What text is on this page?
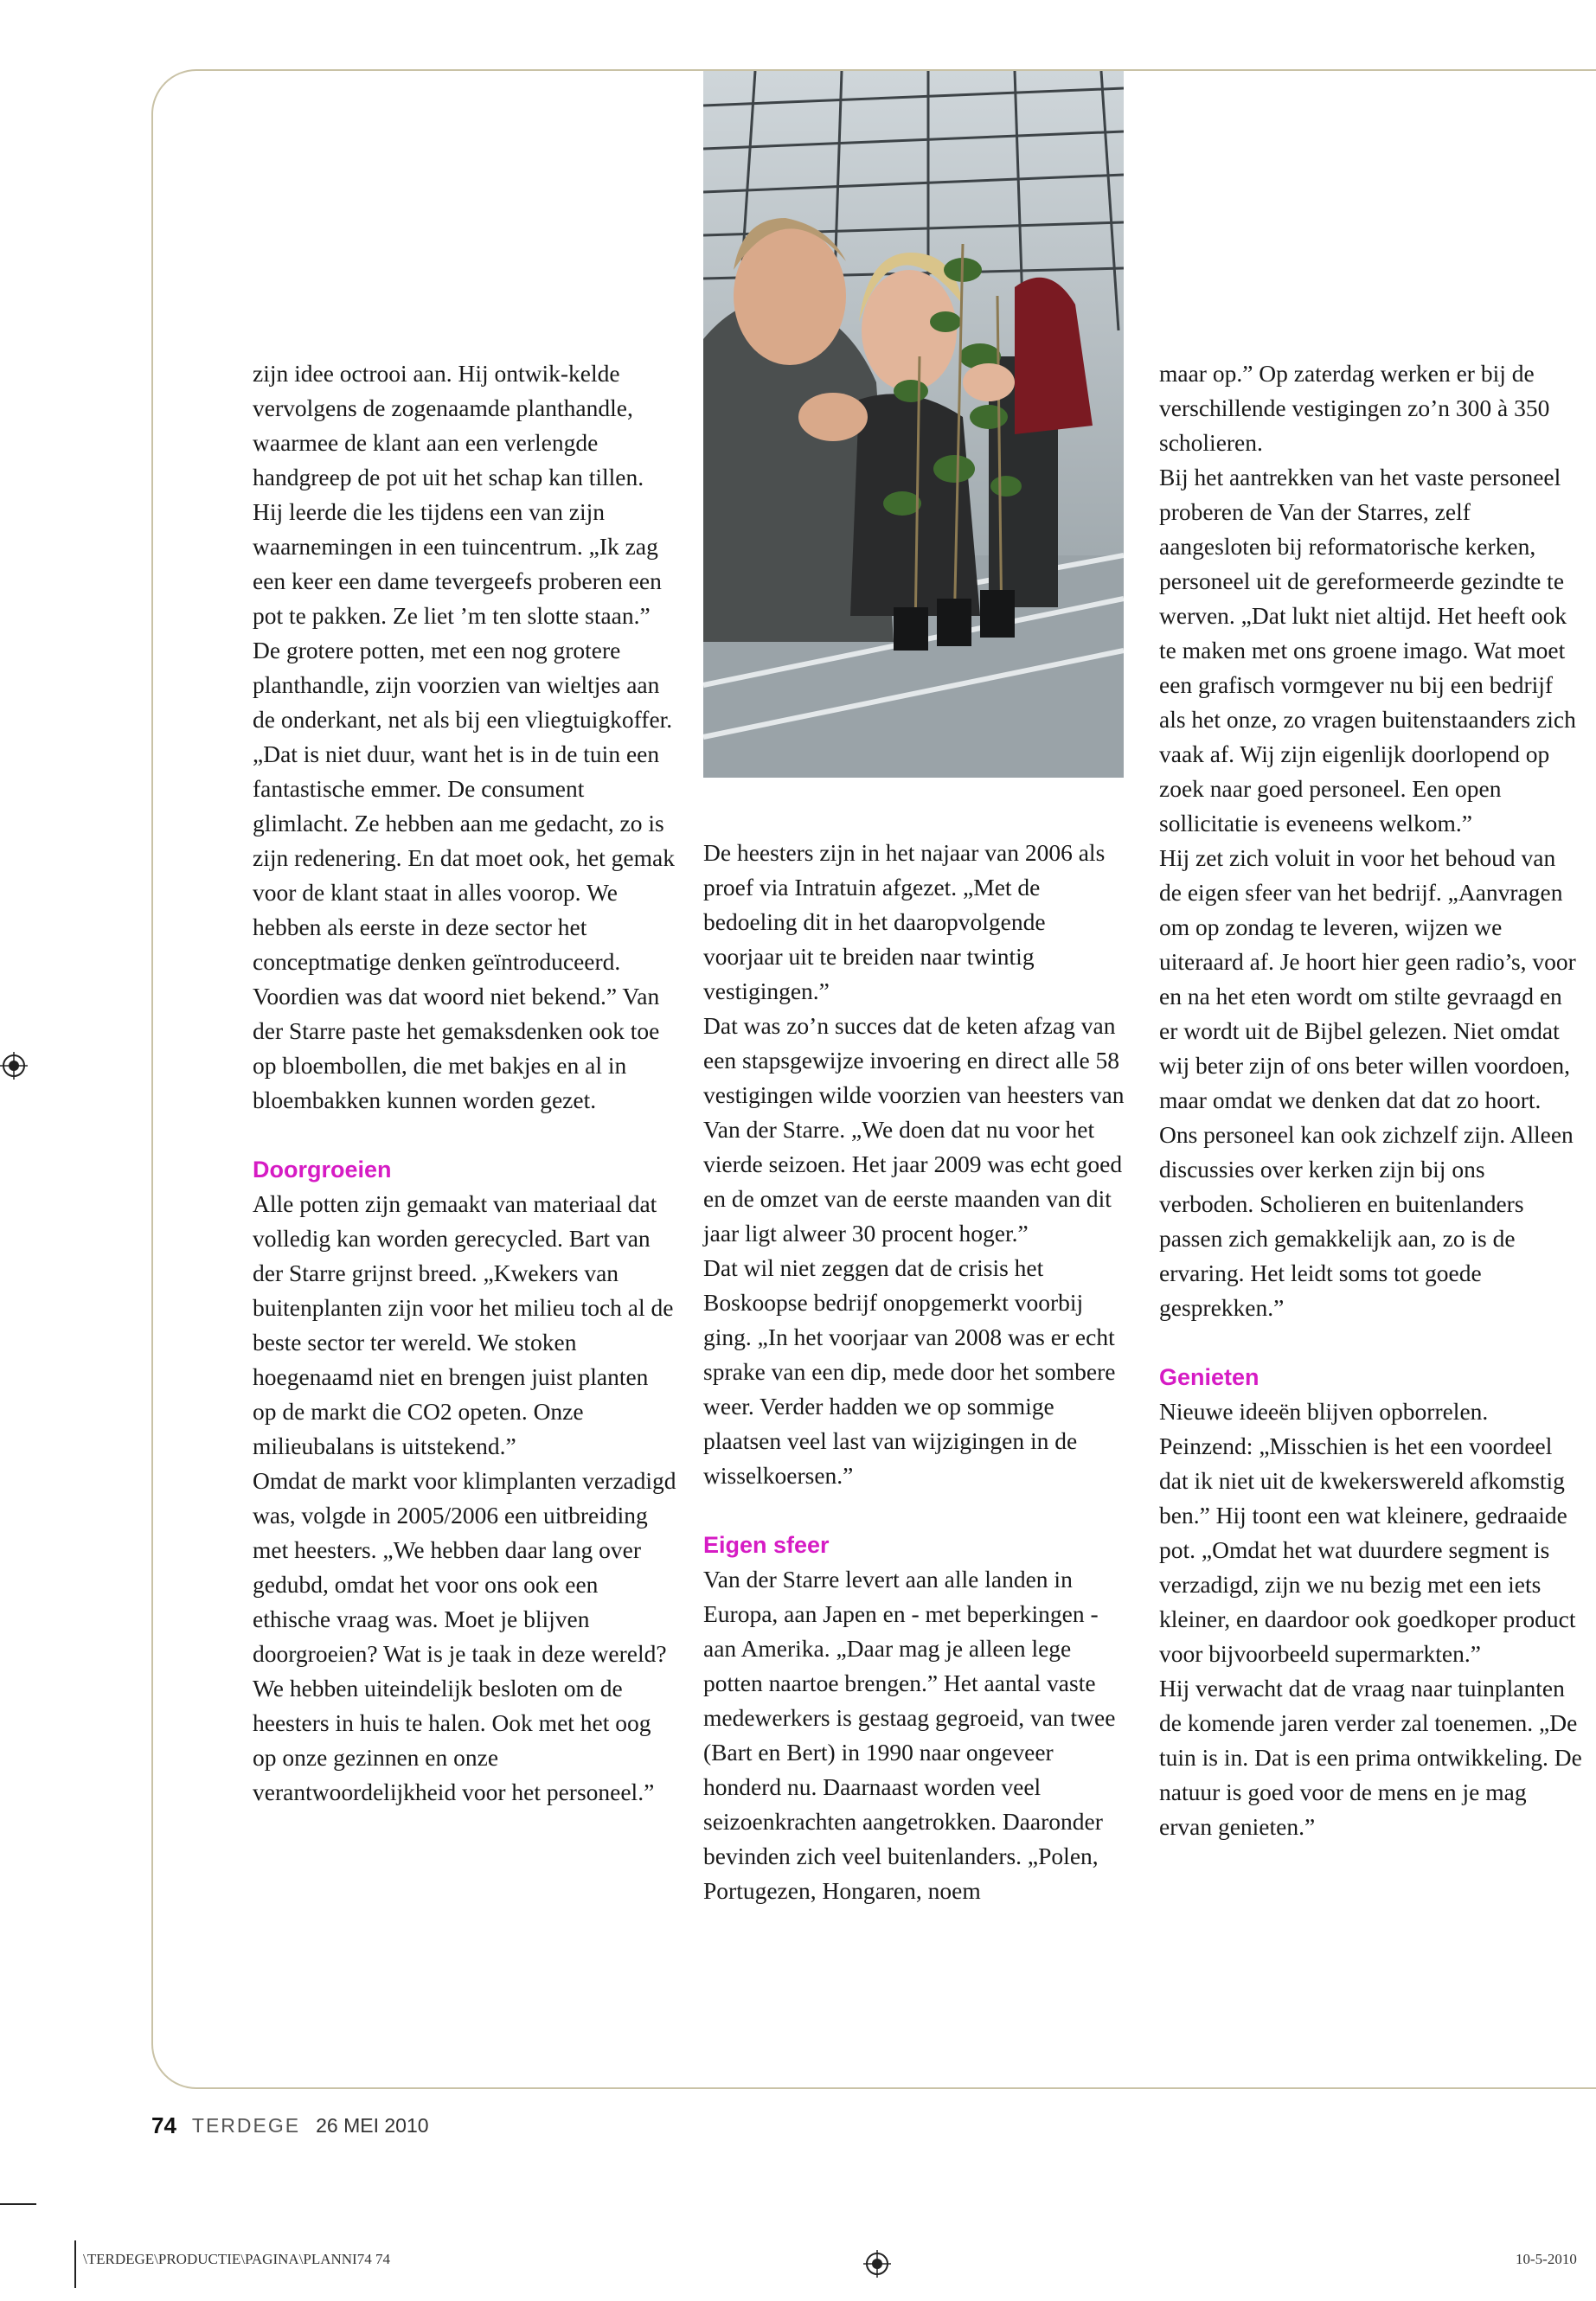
zijn idee octrooi aan. Hij ontwik-kelde vervolgens de zogenaamde planthandle, waarmee de klant aan een verlengde handgreep de pot uit het schap kan tillen. Hij leerde die les tijdens een van zijn waarnemingen in een tuincentrum. „Ik zag een keer een dame tevergeefs proberen een pot te pakken. Ze liet ’m ten slotte staan.”

De grotere potten, met een nog grotere planthandle, zijn voorzien van wieltjes aan de onderkant, net als bij een vliegtuigkoffer. „Dat is niet duur, want het is in de tuin een fantastische emmer. De consument glimlacht. Ze hebben aan me gedacht, zo is zijn redenering. En dat moet ook, het gemak voor de klant staat in alles voorop. We hebben als eerste in deze sector het conceptmatige denken geïntroduceerd. Voordien was dat woord niet bekend.” Van der Starre paste het gemaksdenken ook toe op bloembollen, die met bakjes en al in bloembakken kunnen worden gezet.

Doorgroeien

Alle potten zijn gemaakt van materiaal dat volledig kan worden gerecycled. Bart van der Starre grijnst breed. „Kwekers van buitenplanten zijn voor het milieu toch al de beste sector ter wereld. We stoken hoegenaamd niet en brengen juist planten op de markt die CO2 opeten. Onze milieubalans is uitstekend.”

Omdat de markt voor klimplanten verzadigd was, volgde in 2005/2006 een uitbreiding met heesters. „We hebben daar lang over gedubd, omdat het voor ons ook een ethische vraag was. Moet je blijven doorgroeien? Wat is je taak in deze wereld? We hebben uiteindelijk besloten om de heesters in huis te halen. Ook met het oog op onze gezinnen en onze verantwoordelijkheid voor het personeel.”

De heesters zijn in het najaar van 2006 als proef via Intratuin afgezet. „Met de bedoeling dit in het daaropvolgende voorjaar uit te breiden naar twintig vestigingen.”

Dat was zo’n succes dat de keten afzag van een stapsgewijze invoering en direct alle 58 vestigingen wilde voorzien van heesters van Van der Starre. „We doen dat nu voor het vierde seizoen. Het jaar 2009 was echt goed en de omzet van de eerste maanden van dit jaar ligt alweer 30 procent hoger.”

Dat wil niet zeggen dat de crisis het Boskoopse bedrijf onopgemerkt voorbij ging. „In het voorjaar van 2008 was er echt sprake van een dip, mede door het sombere weer. Verder hadden we op sommige plaatsen veel last van wijzigingen in de wisselkoersen.”

Eigen sfeer

Van der Starre levert aan alle landen in Europa, aan Japen en - met beperkingen - aan Amerika. „Daar mag je alleen lege potten naartoe brengen.” Het aantal vaste medewerkers is gestaag gegroeid, van twee (Bart en Bert) in 1990 naar ongeveer honderd nu. Daarnaast worden veel seizoenkrachten aangetrokken. Daaronder bevinden zich veel buitenlanders. „Polen, Portugezen, Hongaren, noem

maar op.” Op zaterdag werken er bij de verschillende vestigingen zo’n 300 à 350 scholieren.

Bij het aantrekken van het vaste personeel proberen de Van der Starres, zelf aangesloten bij reformatorische kerken, personeel uit de gereformeerde gezindte te werven. „Dat lukt niet altijd. Het heeft ook te maken met ons groene imago. Wat moet een grafisch vormgever nu bij een bedrijf als het onze, zo vragen buitenstaanders zich vaak af. Wij zijn eigenlijk doorlopend op zoek naar goed personeel. Een open sollicitatie is eveneens welkom.”

Hij zet zich voluit in voor het behoud van de eigen sfeer van het bedrijf. „Aanvragen om op zondag te leveren, wijzen we uiteraard af. Je hoort hier geen radio’s, voor en na het eten wordt om stilte gevraagd en er wordt uit de Bijbel gelezen. Niet omdat wij beter zijn of ons beter willen voordoen, maar omdat we denken dat dat zo hoort. Ons personeel kan ook zichzelf zijn. Alleen discussies over kerken zijn bij ons verboden. Scholieren en buitenlanders passen zich gemakkelijk aan, zo is de ervaring. Het leidt soms tot goede gesprekken.”

Genieten

Nieuwe ideeën blijven opborrelen. Peinzend: „Misschien is het een voordeel dat ik niet uit de kwekerswereld afkomstig ben.” Hij toont een wat kleinere, gedraaide pot. „Omdat het wat duurdere segment is verzadigd, zijn we nu bezig met een iets kleiner, en daardoor ook goedkoper product voor bijvoorbeeld supermarkten.”

Hij verwacht dat de vraag naar tuinplanten de komende jaren verder zal toenemen. „De tuin is in. Dat is een prima ontwikkeling. De natuur is goed voor de mens en je mag ervan genieten.”

74 TERDEGE 26 MEI 2010
\TERDEGE\PRODUCTIE\PAGINA\PLANNI74 74	10-5-2010
